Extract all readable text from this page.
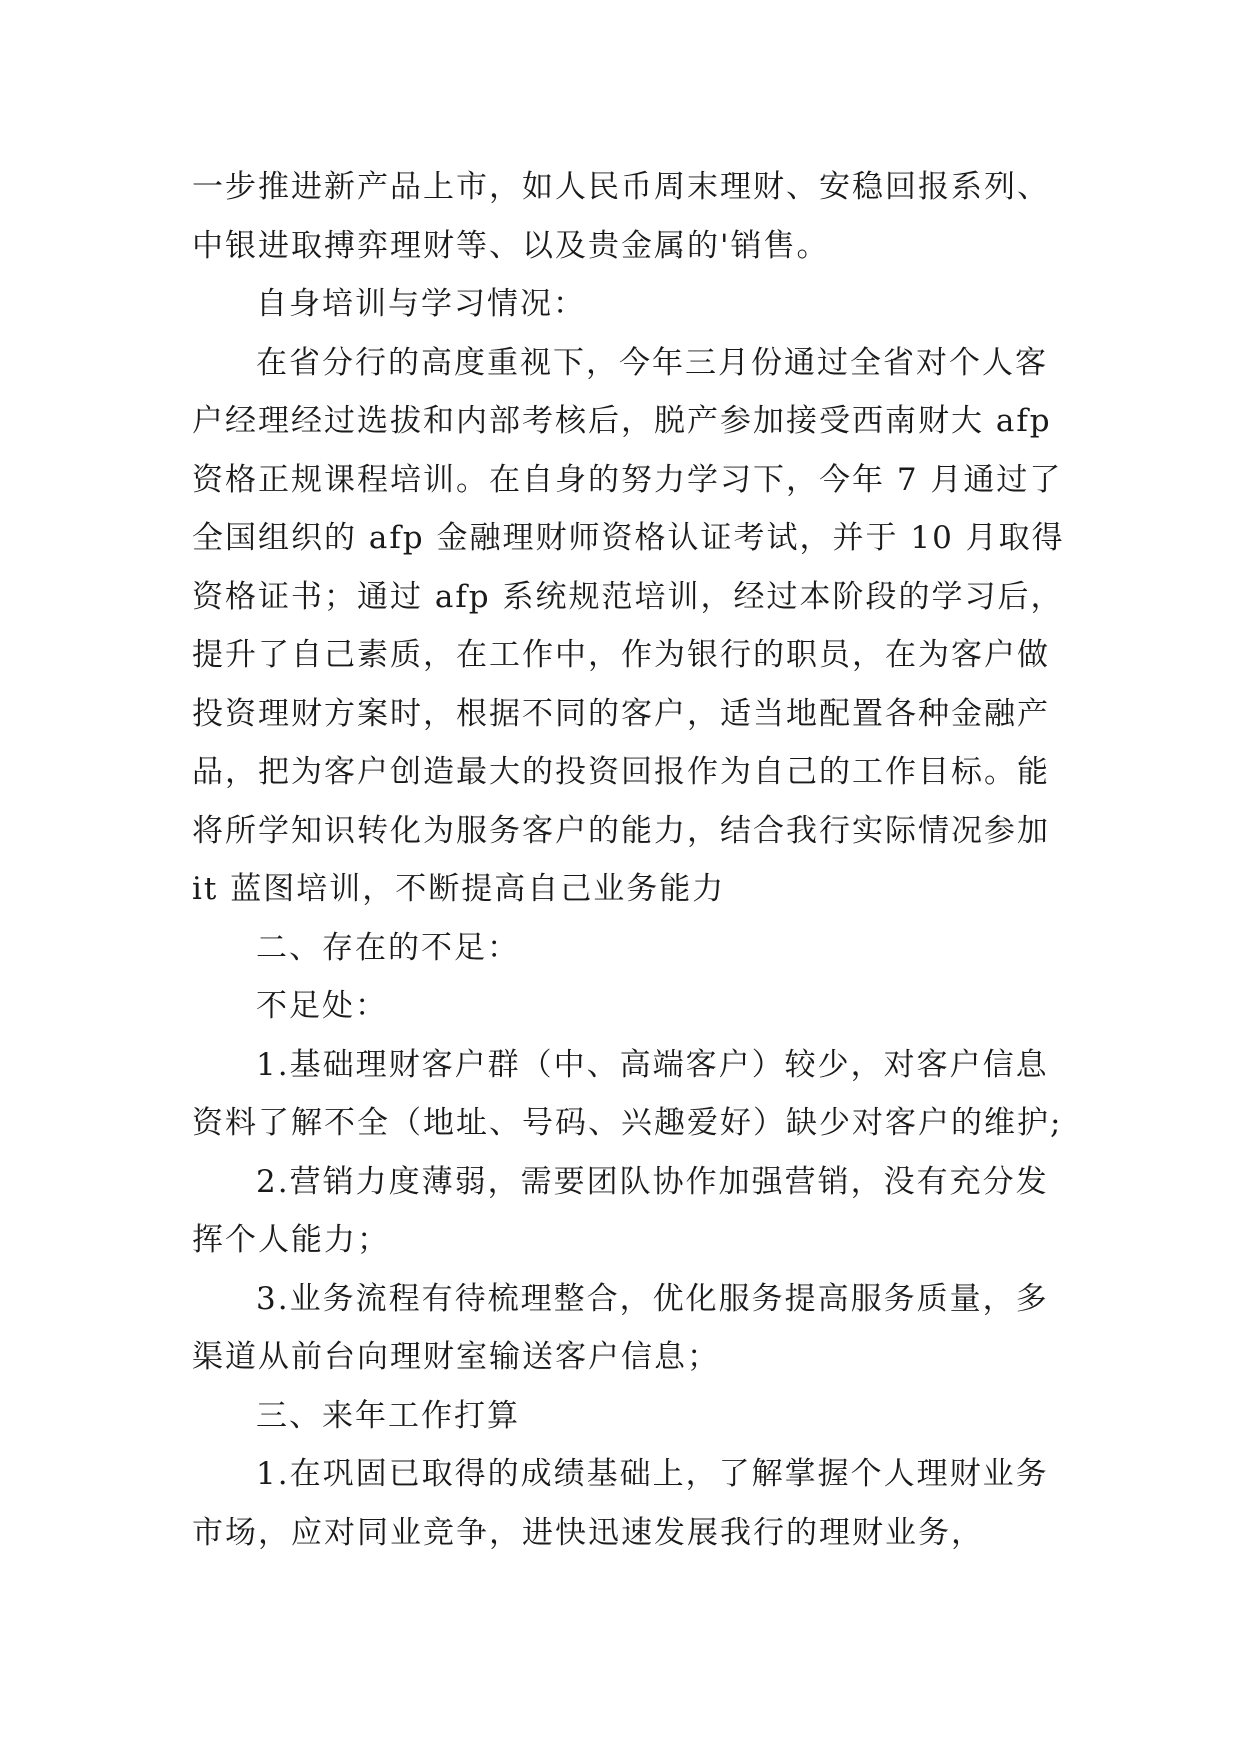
一步推进新产品上市，如人民币周末理财、安稳回报系列、
中银进取搏弈理财等、以及贵金属的'销售。
自身培训与学习情况：
在省分行的高度重视下，今年三月份通过全省对个人客
户经理经过选拔和内部考核后，脱产参加接受西南财大 afp
资格正规课程培训。在自身的努力学习下，今年 7 月通过了
全国组织的 afp 金融理财师资格认证考试，并于 10 月取得
资格证书；通过 afp 系统规范培训，经过本阶段的学习后，
提升了自己素质，在工作中，作为银行的职员，在为客户做
投资理财方案时，根据不同的客户，适当地配置各种金融产
品，把为客户创造最大的投资回报作为自己的工作目标。能
将所学知识转化为服务客户的能力，结合我行实际情况参加
it 蓝图培训，不断提高自己业务能力
二、存在的不足：
不足处：
1.基础理财客户群（中、高端客户）较少，对客户信息
资料了解不全（地址、号码、兴趣爱好）缺少对客户的维护;
2.营销力度薄弱，需要团队协作加强营销，没有充分发
挥个人能力；
3.业务流程有待梳理整合，优化服务提高服务质量，多
渠道从前台向理财室输送客户信息；
三、来年工作打算
1.在巩固已取得的成绩基础上，了解掌握个人理财业务
市场，应对同业竞争，进快迅速发展我行的理财业务，
